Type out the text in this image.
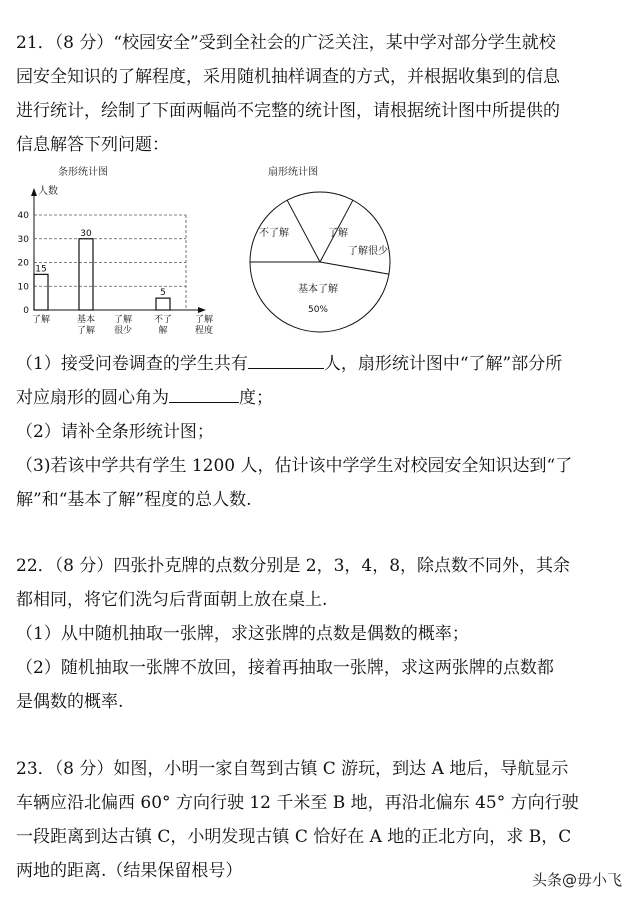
21．（8 分）“校园安全”受到全社会的广泛关注，某中学对部分学生就校
园安全知识的了解程度，采用随机抽样调查的方式，并根据收集到的信息
进行统计，绘制了下面两幅尚不完整的统计图，请根据统计图中所提供的
信息解答下列问题：
条形统计图
人数
0
10
20
30
40
15
了解
30
基本
了解
了解
很少
5
不了
解
了解
程度
扇形统计图
基本了解
50%
了解很少
了解
不了解
（1）接受问卷调查的学生共有	人，扇形统计图中“了解”部分所
对应扇形的圆心角为	度；
（2）请补全条形统计图；
（3)若该中学共有学生 1200 人，估计该中学学生对校园安全知识达到“了
解”和“基本了解”程度的总人数.
22．（8 分）四张扑克牌的点数分别是 2，3，4，8，除点数不同外，其余
都相同，将它们洗匀后背面朝上放在桌上.
（1）从中随机抽取一张牌，求这张牌的点数是偶数的概率；
（2）随机抽取一张牌不放回，接着再抽取一张牌，求这两张牌的点数都
是偶数的概率.
23．（8 分）如图，小明一家自驾到古镇 C 游玩，到达 A 地后，导航显示
车辆应沿北偏西 60° 方向行驶 12 千米至 B 地，再沿北偏东 45° 方向行驶
一段距离到达古镇 C，小明发现古镇 C 恰好在 A 地的正北方向，求 B，C
两地的距离.（结果保留根号）	头条@毋小飞
